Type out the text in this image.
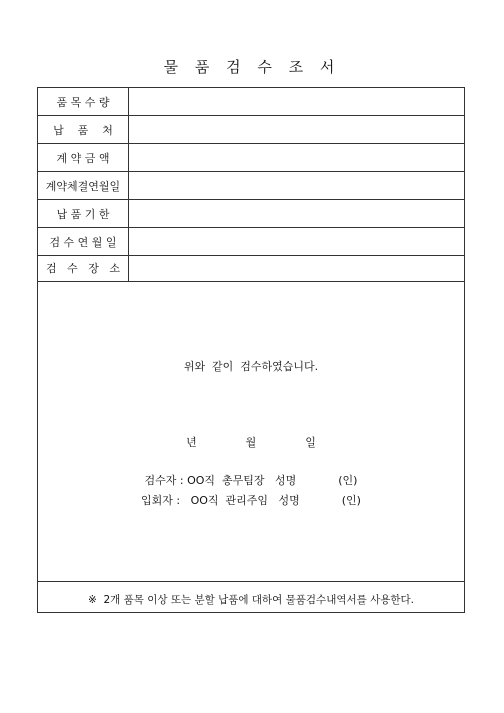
물 품 검 수 조 서
품 목 수 량
납    품    처
계 약 금 액
계약체결연월일
납 품 기 한
검 수 연 월 일
검   수   장   소
위와  같이  검수하였습니다.
년              월              일
검수자 : OO직  총무팀장   성명            (인)
입회자 :   OO직  관리주임   성명            (인)
※  2개 품목 이상 또는 분할 납품에 대하여 물품검수내역서를 사용한다.
